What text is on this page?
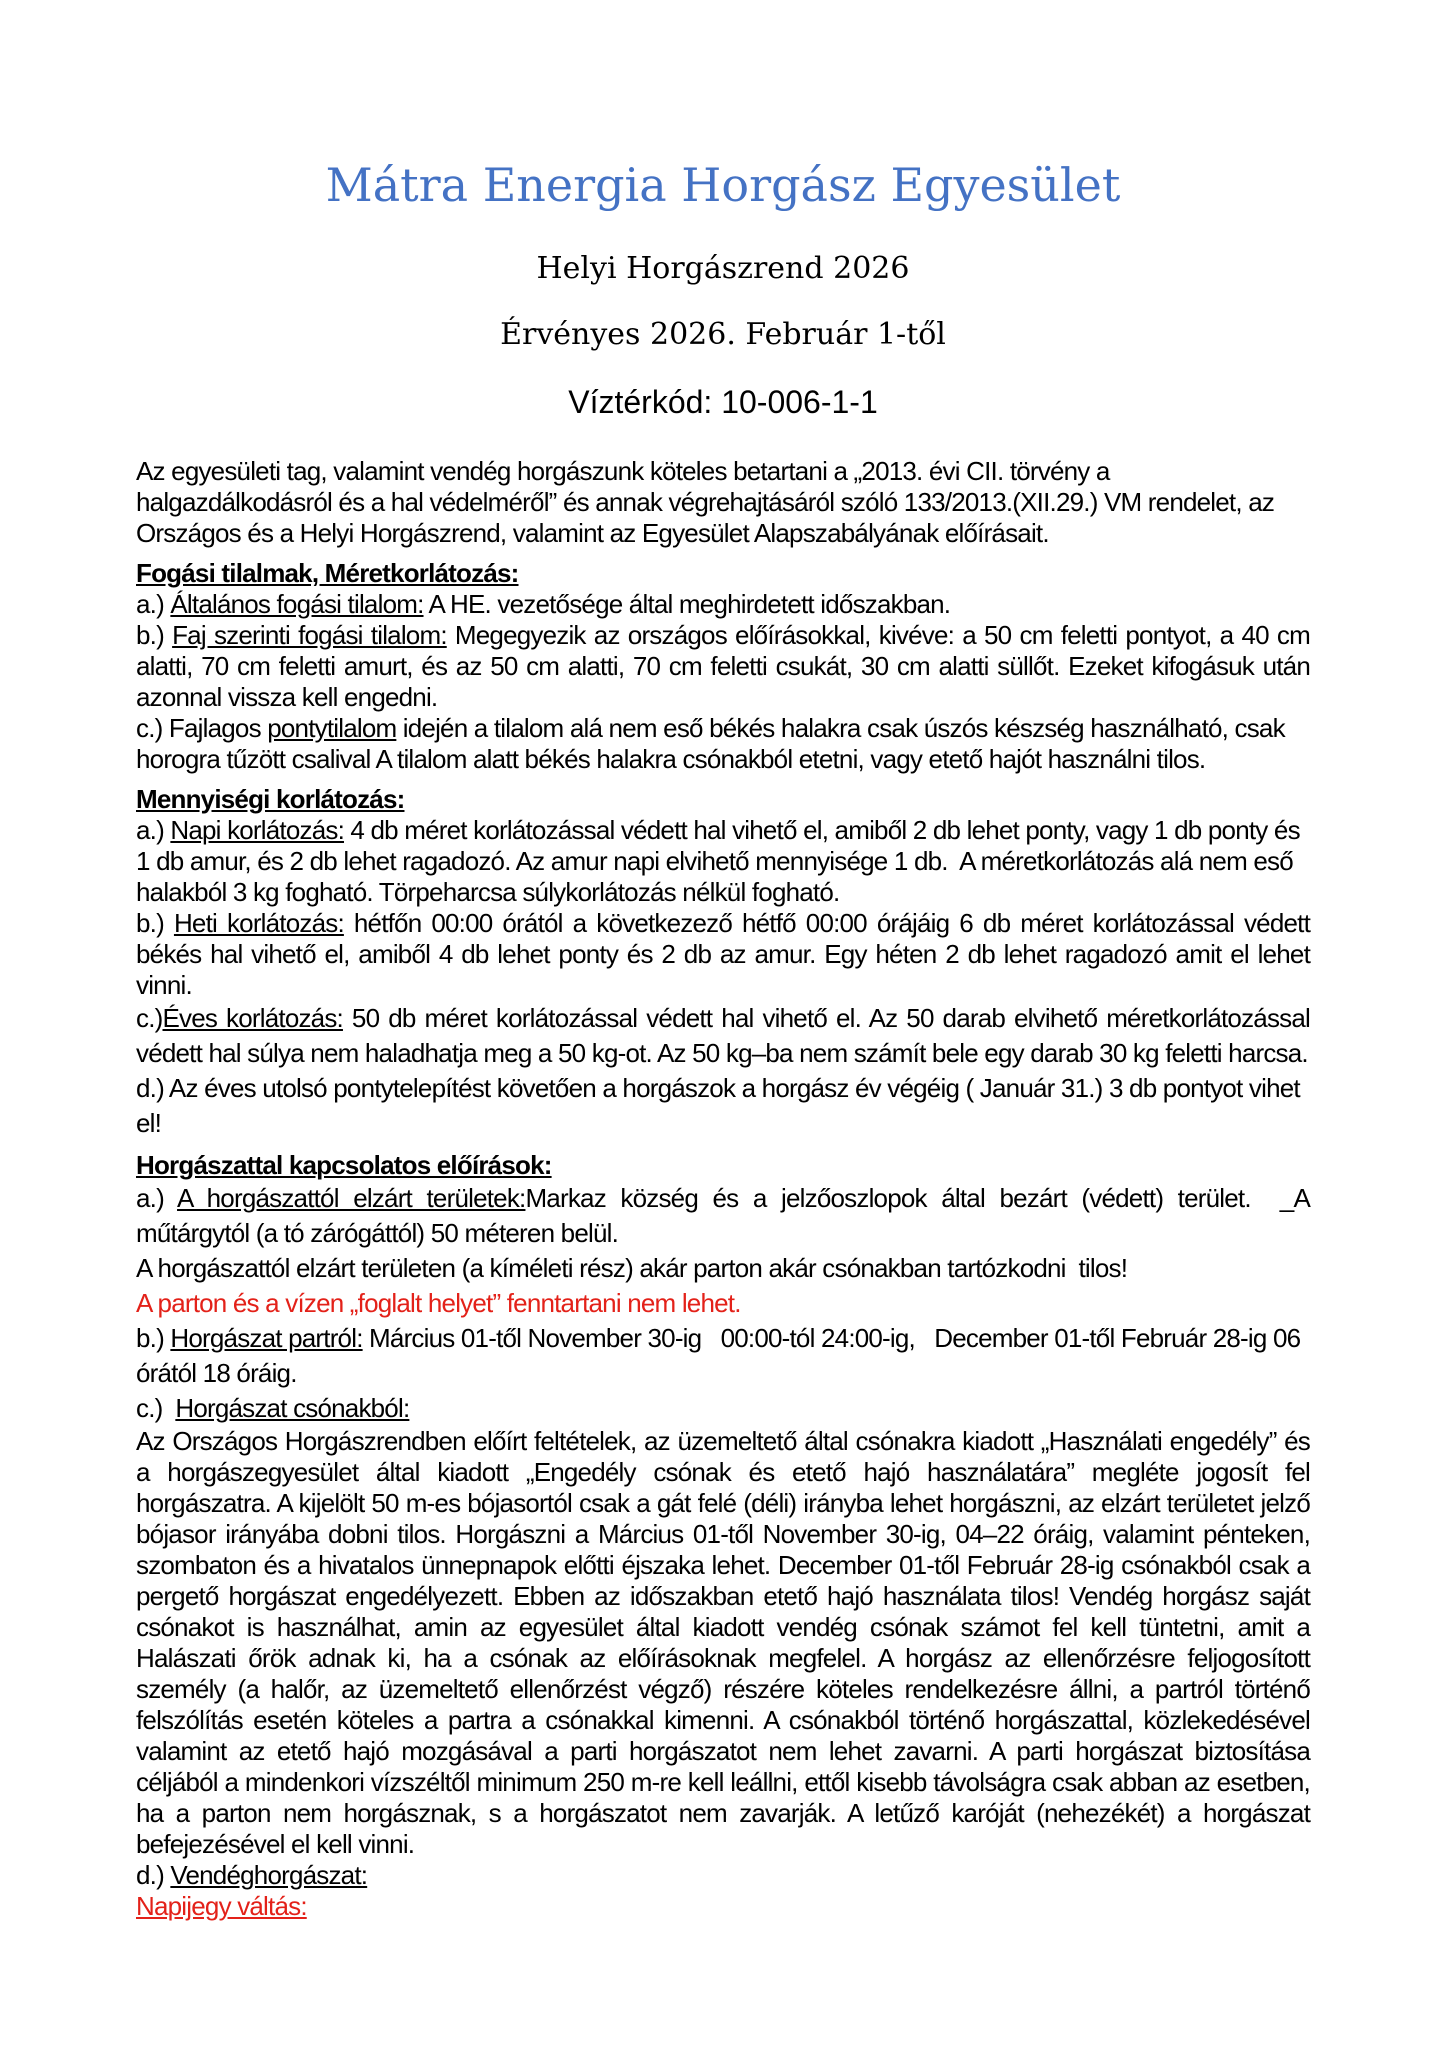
Mátra Energia Horgász Egyesület

Helyi Horgászrend 2026

Érvényes 2026. Február 1-től

Víztérkód: 10-006-1-1

Az egyesületi tag, valamint vendég horgászunk köteles betartani a „2013. évi CII. törvény a halgazdálkodásról és a hal védelméről” és annak végrehajtásáról szóló 133/2013.(XII.29.) VM rendelet, az Országos és a Helyi Horgászrend, valamint az Egyesület Alapszabályának előírásait.

Fogási tilalmak, Méretkorlátozás:

a.) Általános fogási tilalom: A HE. vezetősége által meghirdetett időszakban.

b.) Faj szerinti fogási tilalom: Megegyezik az országos előírásokkal, kivéve: a 50 cm feletti pontyot, a 40 cm alatti, 70 cm feletti amurt, és az 50 cm alatti, 70 cm feletti csukát, 30 cm alatti süllőt. Ezeket kifogásuk után azonnal vissza kell engedni.

c.) Fajlagos pontytilalom idején a tilalom alá nem eső békés halakra csak úszós készség használható, csak horogra tűzött csalival A tilalom alatt békés halakra csónakból etetni, vagy etető hajót használni tilos.

Mennyiségi korlátozás:

a.) Napi korlátozás: 4 db méret korlátozással védett hal vihető el, amiből 2 db lehet ponty, vagy 1 db ponty és 1 db amur, és 2 db lehet ragadozó. Az amur napi elvihető mennyisége 1 db.  A méretkorlátozás alá nem eső halakból 3 kg fogható. Törpeharcsa súlykorlátozás nélkül fogható.

b.) Heti korlátozás: hétfőn 00:00 órától a következező hétfő 00:00 órájáig 6 db méret korlátozással védett békés hal vihető el, amiből 4 db lehet ponty és 2 db az amur. Egy héten 2 db lehet ragadozó amit el lehet vinni.

c.)Éves korlátozás: 50 db méret korlátozással védett hal vihető el. Az 50 darab elvihető méretkorlátozással védett hal súlya nem haladhatja meg a 50 kg-ot. Az 50 kg–ba nem számít bele egy darab 30 kg feletti harcsa.

d.) Az éves utolsó pontytelepítést követően a horgászok a horgász év végéig ( Január 31.) 3 db pontyot vihet el!

Horgászattal kapcsolatos előírások:

a.) A horgászattól elzárt területek:Markaz község és a jelzőoszlopok által bezárt (védett) terület.  _A műtárgytól (a tó zárógáttól) 50 méteren belül.

A horgászattól elzárt területen (a kíméleti rész) akár parton akár csónakban tartózkodni  tilos!

A parton és a vízen „foglalt helyet” fenntartani nem lehet.

b.) Horgászat partról: Március 01-től November 30-ig   00:00-tól 24:00-ig,   December 01-től Február 28-ig 06 órától 18 óráig.

c.)  Horgászat csónakból:

Az Országos Horgászrendben előírt feltételek, az üzemeltető által csónakra kiadott „Használati engedély” és a horgászegyesület által kiadott „Engedély csónak és etető hajó használatára” megléte jogosít fel horgászatra. A kijelölt 50 m-es bójasortól csak a gát felé (déli) irányba lehet horgászni, az elzárt területet jelző bójasor irányába dobni tilos. Horgászni a Március 01-től November 30-ig, 04–22 óráig, valamint pénteken, szombaton és a hivatalos ünnepnapok előtti éjszaka lehet. December 01-től Február 28-ig csónakból csak a pergető horgászat engedélyezett. Ebben az időszakban etető hajó használata tilos! Vendég horgász saját csónakot is használhat, amin az egyesület által kiadott vendég csónak számot fel kell tüntetni, amit a Halászati őrök adnak ki, ha a csónak az előírásoknak megfelel. A horgász az ellenőrzésre feljogosított személy (a halőr, az üzemeltető ellenőrzést végző) részére köteles rendelkezésre állni, a partról történő felszólítás esetén köteles a partra a csónakkal kimenni. A csónakból történő horgászattal, közlekedésével valamint az etető hajó mozgásával a parti horgászatot nem lehet zavarni. A parti horgászat biztosítása céljából a mindenkori vízszéltől minimum 250 m-re kell leállni, ettől kisebb távolságra csak abban az esetben, ha a parton nem horgásznak, s a horgászatot nem zavarják. A letűző karóját (nehezékét) a horgászat befejezésével el kell vinni.

d.) Vendéghorgászat:

Napijegy váltás:
